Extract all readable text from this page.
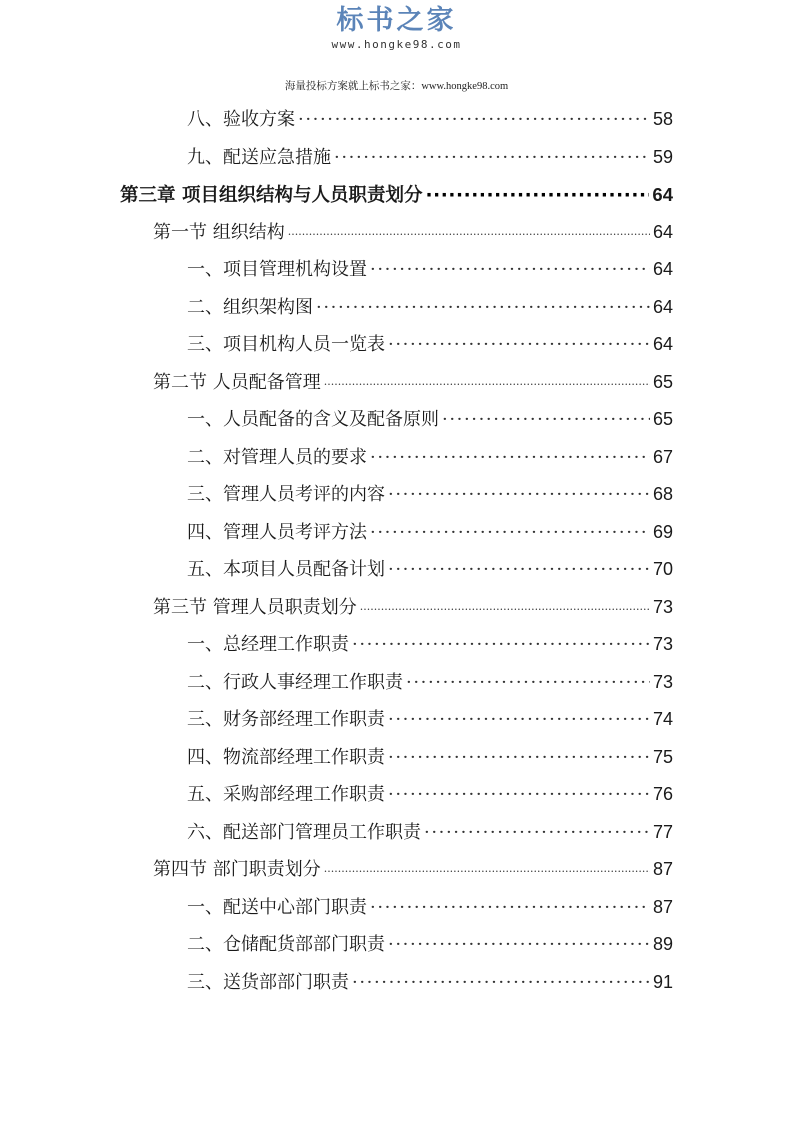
标书之家
www.hongke98.com
海量投标方案就上标书之家：www.hongke98.com
八、验收方案 ·····	58
九、配送应急措施 ·····	59
第三章 项目组织结构与人员职责划分 ·····	64
第一节 组织结构 ·····	64
一、项目管理机构设置 ·····	64
二、组织架构图 ·····	64
三、项目机构人员一览表 ·····	64
第二节 人员配备管理 ·····	65
一、人员配备的含义及配备原则 ·····	65
二、对管理人员的要求 ·····	67
三、管理人员考评的内容 ·····	68
四、管理人员考评方法 ·····	69
五、本项目人员配备计划 ·····	70
第三节 管理人员职责划分 ·····	73
一、总经理工作职责 ·····	73
二、行政人事经理工作职责 ·····	73
三、财务部经理工作职责 ·····	74
四、物流部经理工作职责 ·····	75
五、采购部经理工作职责 ·····	76
六、配送部门管理员工作职责 ·····	77
第四节 部门职责划分 ·····	87
一、配送中心部门职责 ·····	87
二、仓储配货部部门职责 ·····	89
三、送货部部门职责 ·····	91
